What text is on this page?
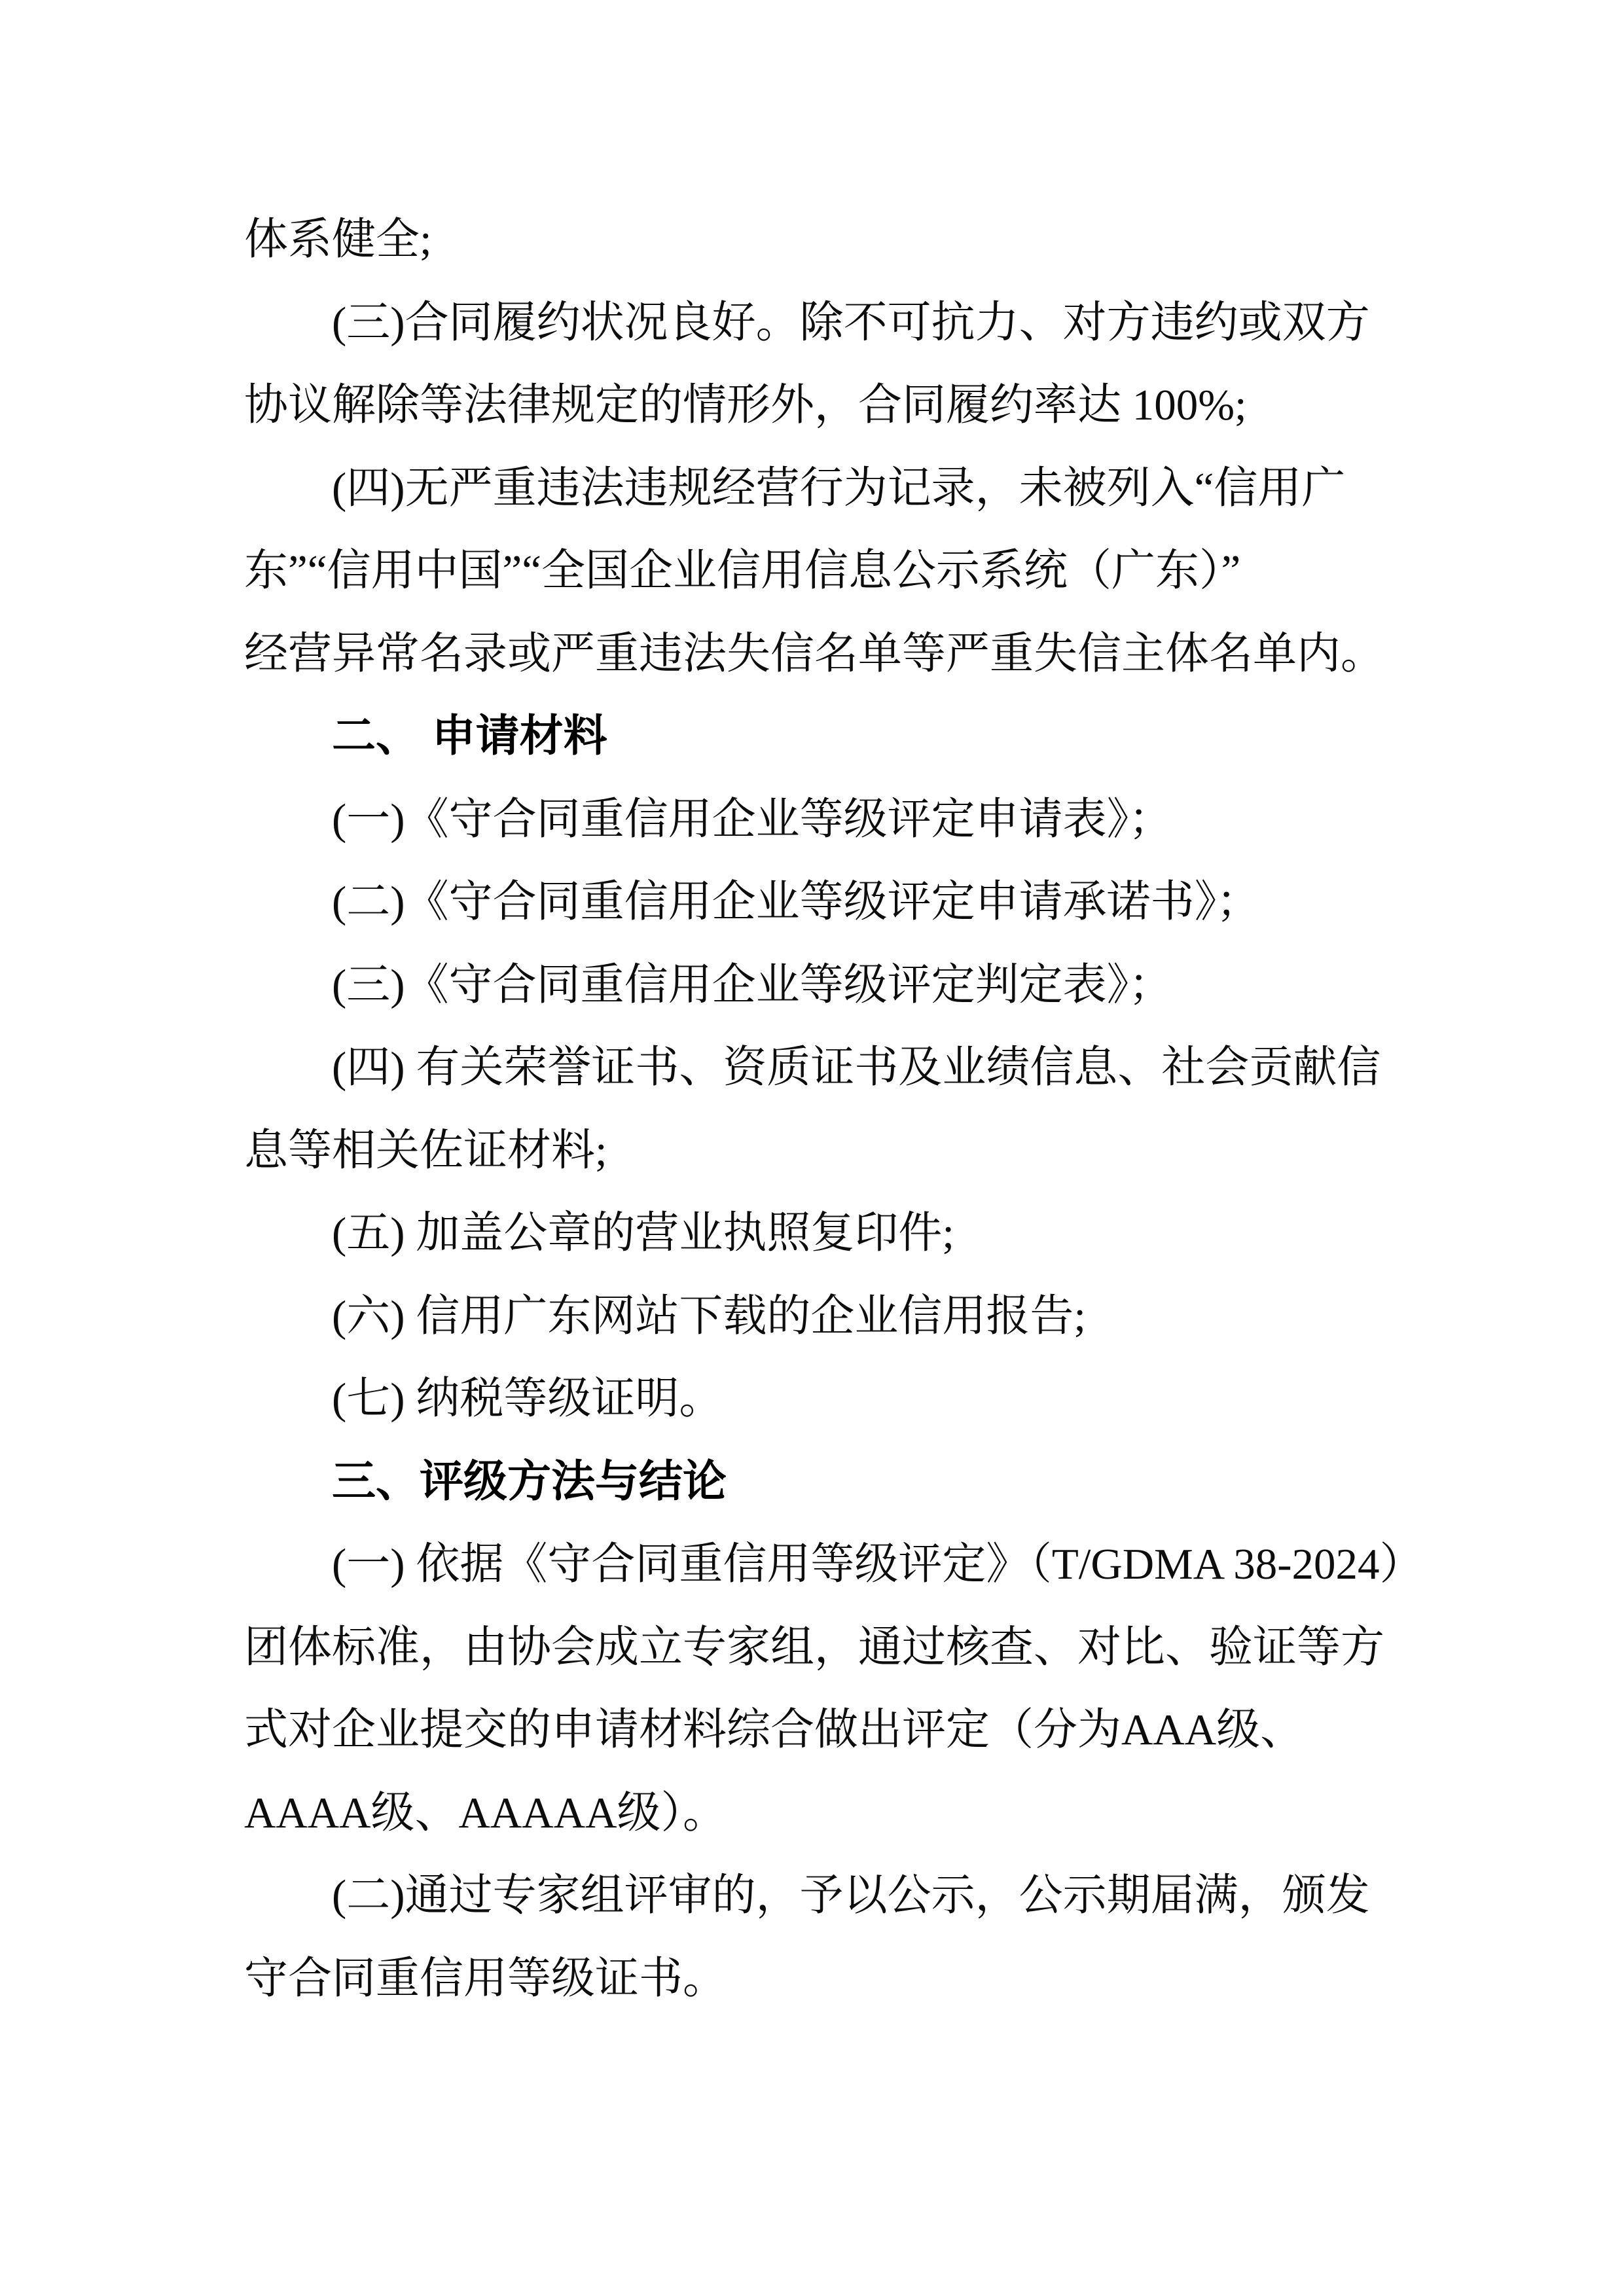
体系健全;
(三)合同履约状况良好。除不可抗力、对方违约或双方
协议解除等法律规定的情形外，合同履约率达 100%;
(四)无严重违法违规经营行为记录，未被列入“信用广
东”“信用中国”“全国企业信用信息公示系统（广东）”
经营异常名录或严重违法失信名单等严重失信主体名单内。
二、 申请材料
(一)《守合同重信用企业等级评定申请表》；
(二)《守合同重信用企业等级评定申请承诺书》；
(三)《守合同重信用企业等级评定判定表》；
(四) 有关荣誉证书、资质证书及业绩信息、社会贡献信
息等相关佐证材料;
(五) 加盖公章的营业执照复印件;
(六) 信用广东网站下载的企业信用报告;
(七) 纳税等级证明。
三、评级方法与结论
(一) 依据《守合同重信用等级评定》（T/GDMA 38-2024）
团体标准，由协会成立专家组，通过核查、对比、验证等方
式对企业提交的申请材料综合做出评定（分为AAA级、
AAAA级、AAAAA级）。
(二)通过专家组评审的，予以公示，公示期届满，颁发
守合同重信用等级证书。
